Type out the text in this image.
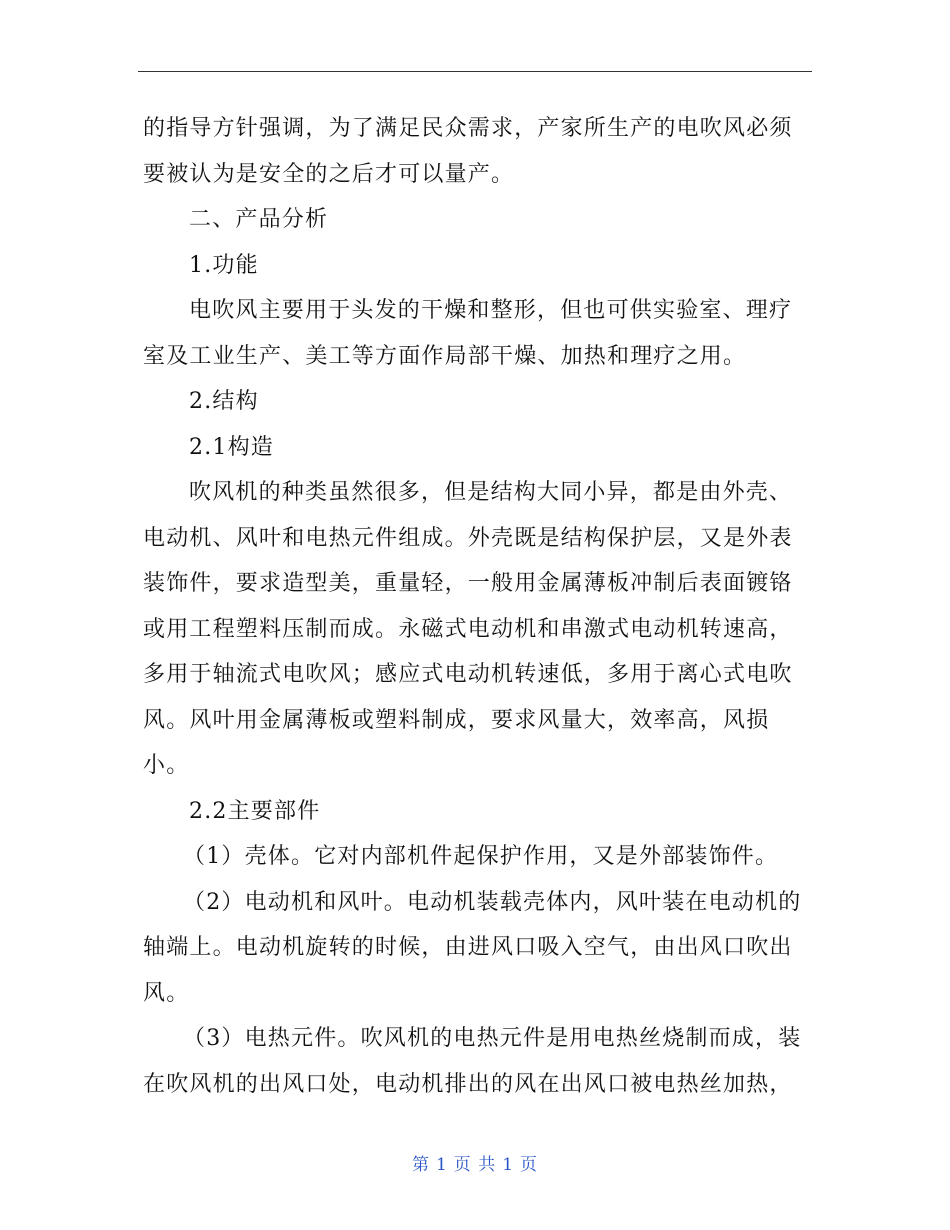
的指导方针强调，为了满足民众需求，产家所生产的电吹风必须
要被认为是安全的之后才可以量产。
二、产品分析
1.功能
电吹风主要用于头发的干燥和整形，但也可供实验室、理疗
室及工业生产、美工等方面作局部干燥、加热和理疗之用。
2.结构
2.1构造
吹风机的种类虽然很多，但是结构大同小异，都是由外壳、
电动机、风叶和电热元件组成。外壳既是结构保护层，又是外表
装饰件，要求造型美，重量轻，一般用金属薄板冲制后表面镀铬
或用工程塑料压制而成。永磁式电动机和串激式电动机转速高，
多用于轴流式电吹风；感应式电动机转速低，多用于离心式电吹
风。风叶用金属薄板或塑料制成，要求风量大，效率高，风损
小。
2.2主要部件
（1）壳体。它对内部机件起保护作用，又是外部装饰件。
（2）电动机和风叶。电动机装载壳体内，风叶装在电动机的
轴端上。电动机旋转的时候，由进风口吸入空气，由出风口吹出
风。
（3）电热元件。吹风机的电热元件是用电热丝烧制而成，装
在吹风机的出风口处，电动机排出的风在出风口被电热丝加热，
第 1 页 共 1 页
